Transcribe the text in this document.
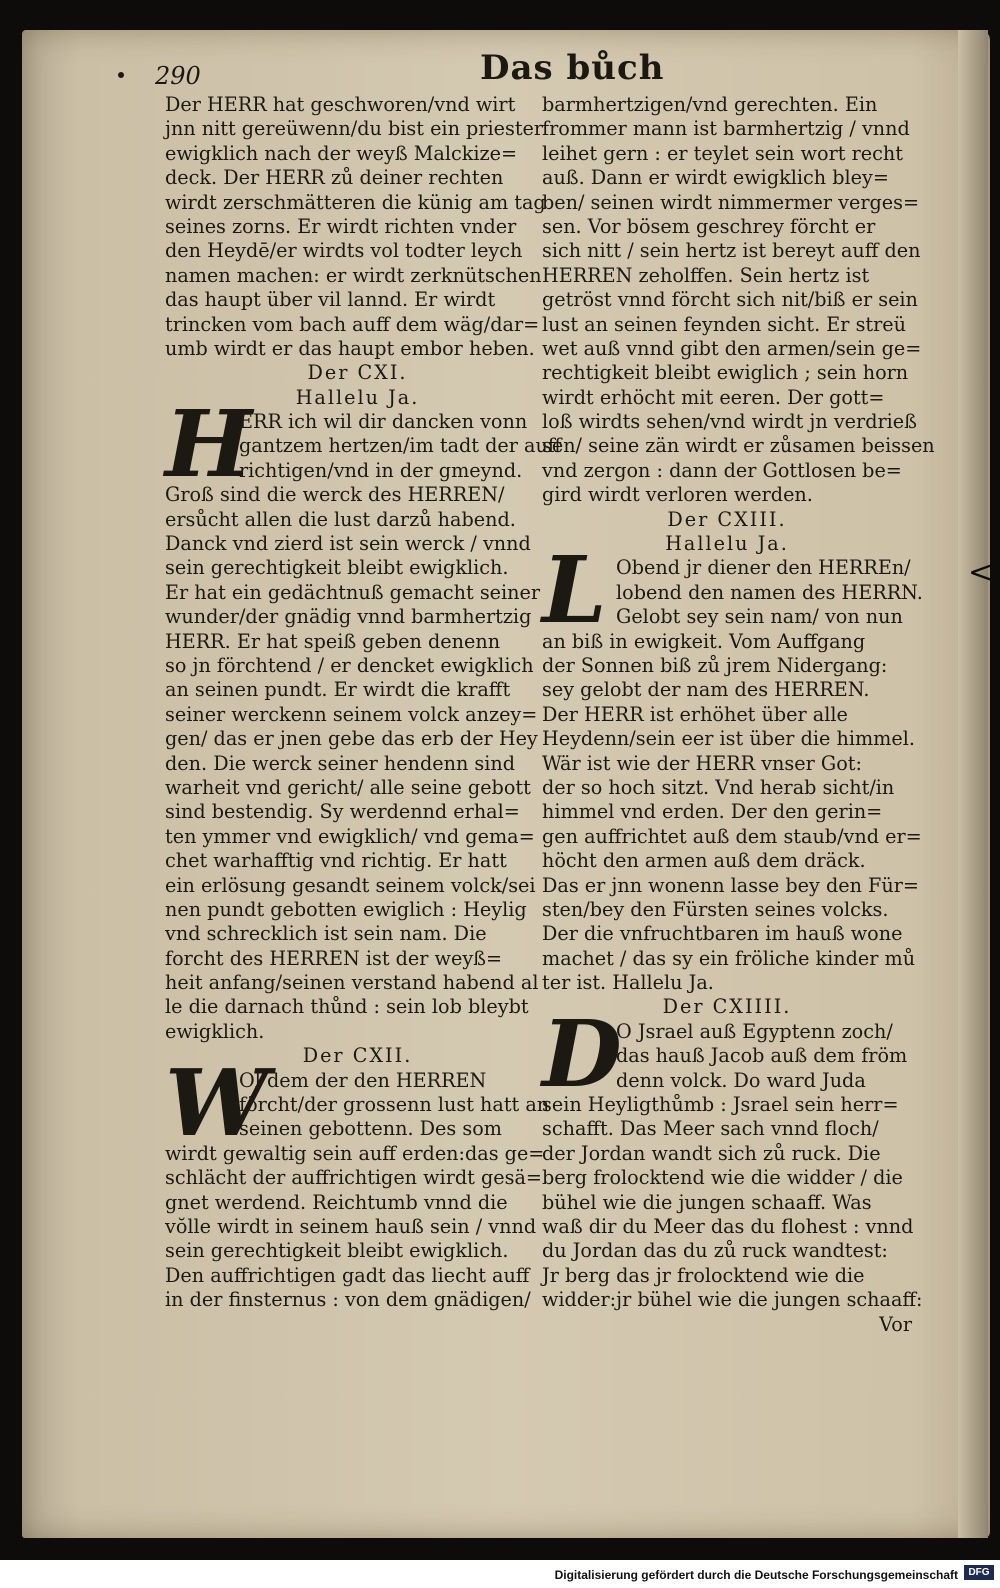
290	Das bůch
Der HERR hat geschworen/vnd wirt
jnn nitt gereüwenn/du bist ein priester
ewigklich nach der weyß Malckize=
deck. Der HERR zů deiner rechten
wirdt zerschmätteren die künig am tag
seines zorns. Er wirdt richten vnder
den Heydē/er wirdts vol todter leych
namen machen: er wirdt zerknütschen
das haupt über vil lannd. Er wirdt
trincken vom bach auff dem wäg/dar=
umb wirdt er das haupt embor heben.
Der CXI.
Hallelu Ja.
H
ERR ich wil dir dancken vonn
gantzem hertzen/im tadt der auff
richtigen/vnd in der gmeynd.
Groß sind die werck des HERREN/
ersůcht allen die lust darzů habend.
Danck vnd zierd ist sein werck / vnnd
sein gerechtigkeit bleibt ewigklich.
Er hat ein gedächtnuß gemacht seiner
wunder/der gnädig vnnd barmhertzig
HERR. Er hat speiß geben denenn
so jn förchtend / er dencket ewigklich
an seinen pundt. Er wirdt die krafft
seiner werckenn seinem volck anzey=
gen/ das er jnen gebe das erb der Hey
den. Die werck seiner hendenn sind
warheit vnd gericht/ alle seine gebott
sind bestendig. Sy werdennd erhal=
ten ymmer vnd ewigklich/ vnd gema=
chet warhafftig vnd richtig. Er hatt
ein erlösung gesandt seinem volck/sei
nen pundt gebotten ewiglich : Heylig
vnd schrecklich ist sein nam. Die
forcht des HERREN ist der weyß=
heit anfang/seinen verstand habend al
le die darnach thůnd : sein lob bleybt
ewigklich.
Der CXII.
W
Ol dem der den HERREN
förcht/der grossenn lust hatt an
seinen gebottenn. Des som
wirdt gewaltig sein auff erden:das ge=
schlächt der auffrichtigen wirdt gesä=
gnet werdend. Reichtumb vnnd die
vŏlle wirdt in seinem hauß sein / vnnd
sein gerechtigkeit bleibt ewigklich.
Den auffrichtigen gadt das liecht auff
in der finsternus : von dem gnädigen/
barmhertzigen/vnd gerechten. Ein
frommer mann ist barmhertzig / vnnd
leihet gern : er teylet sein wort recht
auß. Dann er wirdt ewigklich bley=
ben/ seinen wirdt nimmermer verges=
sen. Vor bösem geschrey förcht er
sich nitt / sein hertz ist bereyt auff den
HERREN zeholffen. Sein hertz ist
getröst vnnd förcht sich nit/biß er sein
lust an seinen feynden sicht. Er streü
wet auß vnnd gibt den armen/sein ge=
rechtigkeit bleibt ewiglich ; sein horn
wirdt erhöcht mit eeren. Der gott=
loß wirdts sehen/vnd wirdt jn verdrieß
sen/ seine zän wirdt er zůsamen beissen
vnd zergon : dann der Gottlosen be=
gird wirdt verloren werden.
Der CXIII.
Hallelu Ja.
L Obend jr diener den HERREn/
lobend den namen des HERRN.
Gelobt sey sein nam/ von nun
an biß in ewigkeit. Vom Auffgang
der Sonnen biß zů jrem Nidergang:
sey gelobt der nam des HERREN.
Der HERR ist erhöhet über alle
Heydenn/sein eer ist über die himmel.
Wär ist wie der HERR vnser Got:
der so hoch sitzt. Vnd herab sicht/in
himmel vnd erden. Der den gerin=
gen auffrichtet auß dem staub/vnd er=
höcht den armen auß dem dräck.
Das er jnn wonenn lasse bey den Für=
sten/bey den Fürsten seines volcks.
Der die vnfruchtbaren im hauß wone
machet / das sy ein fröliche kinder mů
ter ist. Hallelu Ja.
Der CXIIII.
D
O Jsrael auß Egyptenn zoch/
das hauß Jacob auß dem fröm
denn volck. Do ward Juda
sein Heyligthůmb : Jsrael sein herr=
schafft. Das Meer sach vnnd floch/
der Jordan wandt sich zů ruck. Die
berg frolocktend wie die widder / die
bühel wie die jungen schaaff. Was
waß dir du Meer das du flohest : vnnd
du Jordan das du zů ruck wandtest:
Jr berg das jr frolocktend wie die
widder:jr bühel wie die jungen schaaff:
Vor
<
Digitalisierung gefördert durch die Deutsche Forschungsgemeinschaft	DFG
